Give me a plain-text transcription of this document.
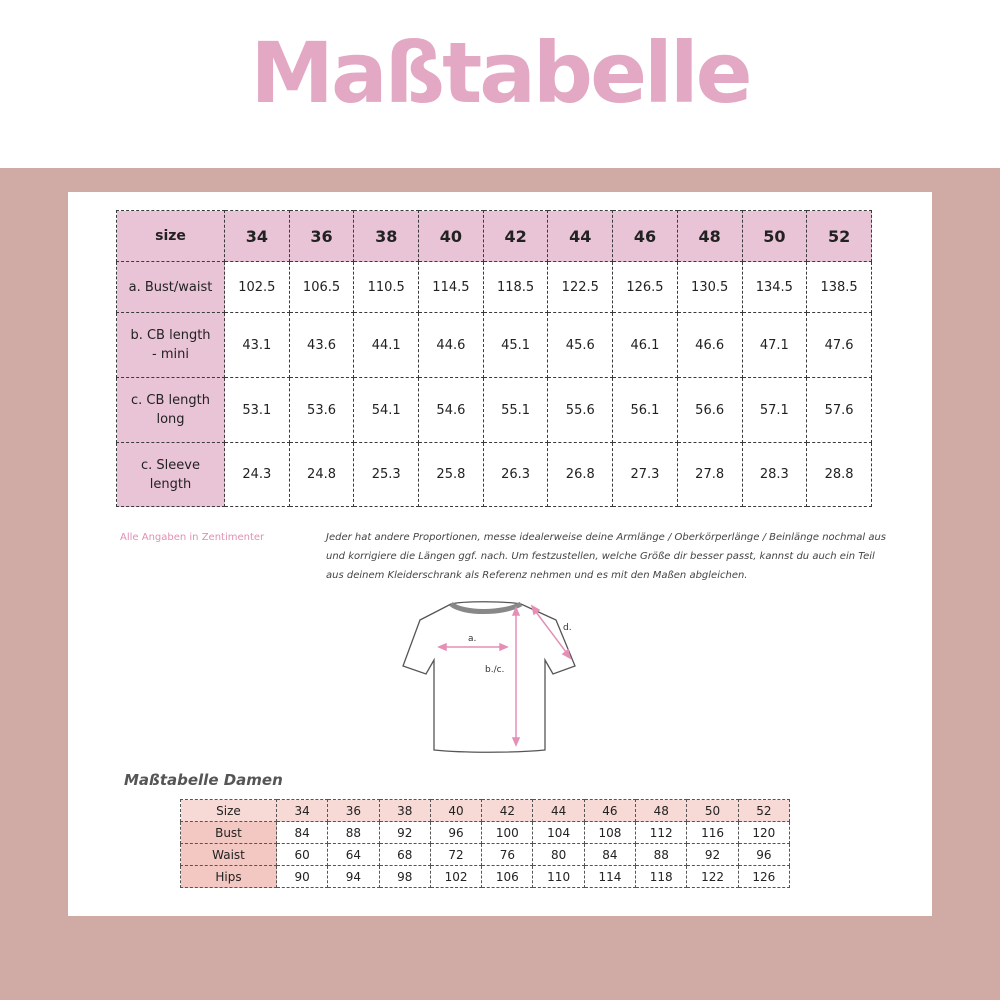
Maßtabelle
size	34	36	38	40	42	44	46	48	50	52
a. Bust/waist	102.5	106.5	110.5	114.5	118.5	122.5	126.5	130.5	134.5	138.5
b. CB length
- mini	43.1	43.6	44.1	44.6	45.1	45.6	46.1	46.6	47.1	47.6
c. CB length
long	53.1	53.6	54.1	54.6	55.1	55.6	56.1	56.6	57.1	57.6
c. Sleeve
length	24.3	24.8	25.3	25.8	26.3	26.8	27.3	27.8	28.3	28.8
Alle Angaben in Zentimenter	Jeder hat andere Proportionen, messe idealerweise deine Armlänge / Oberkörperlänge / Beinlänge nochmal aus und korrigiere die Längen ggf. nach. Um festzustellen, welche Größe dir besser passt, kannst du auch ein Teil aus deinem Kleiderschrank als Referenz nehmen und es mit den Maßen abgleichen.
a.
b./c.
d.
Maßtabelle Damen
Size	34	36	38	40	42	44	46	48	50	52
Bust	84	88	92	96	100	104	108	112	116	120
Waist	60	64	68	72	76	80	84	88	92	96
Hips	90	94	98	102	106	110	114	118	122	126
